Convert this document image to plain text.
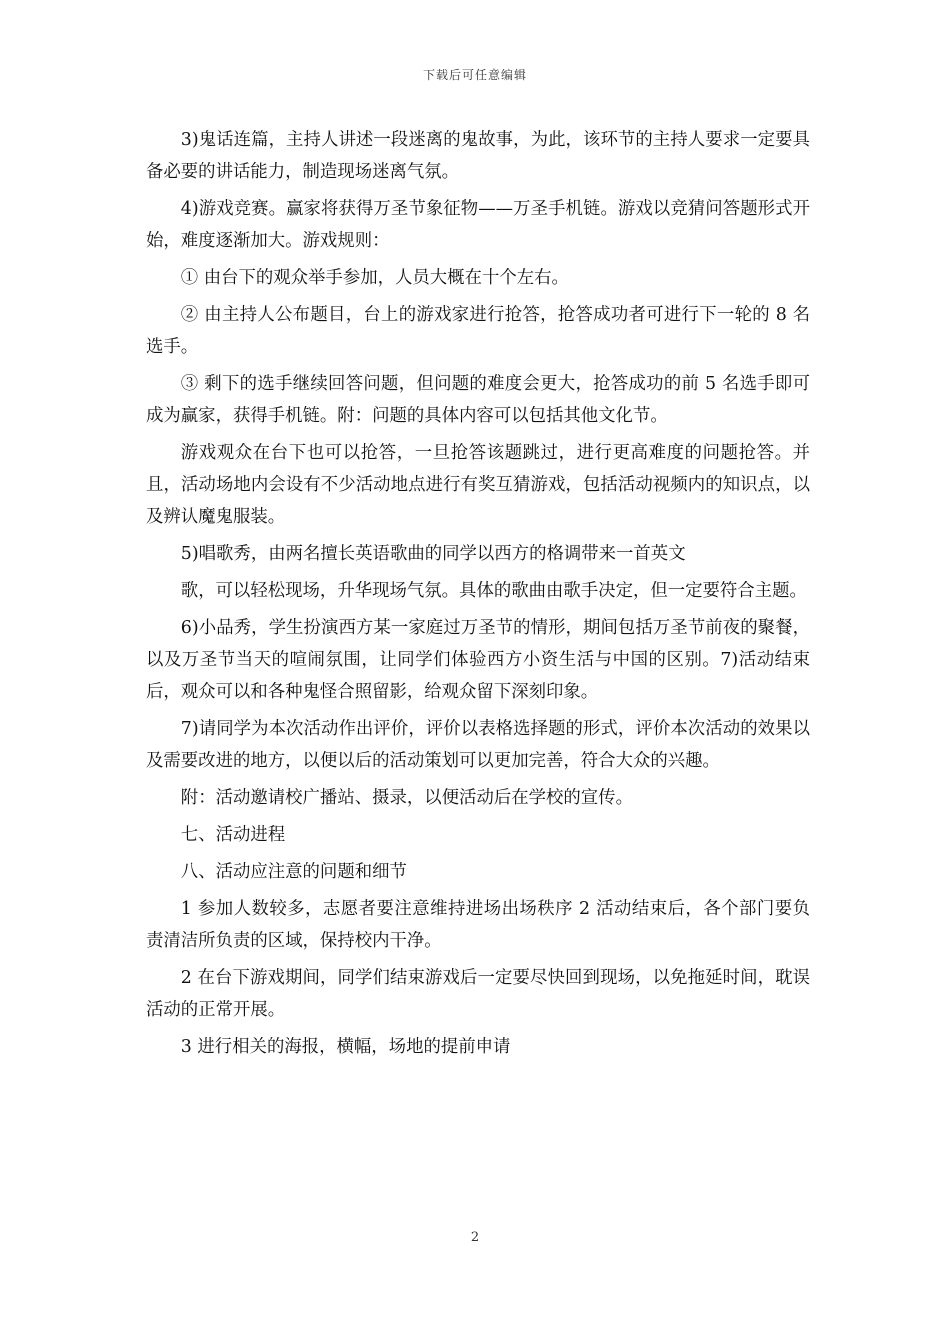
下载后可任意编辑

3)鬼话连篇，主持人讲述一段迷离的鬼故事，为此，该环节的主持人要求一定要具备必要的讲话能力，制造现场迷离气氛。

4)游戏竞赛。赢家将获得万圣节象征物——万圣手机链。游戏以竞猜问答题形式开始，难度逐渐加大。游戏规则：

① 由台下的观众举手参加，人员大概在十个左右。

② 由主持人公布题目，台上的游戏家进行抢答，抢答成功者可进行下一轮的 8 名选手。

③ 剩下的选手继续回答问题，但问题的难度会更大，抢答成功的前 5 名选手即可成为赢家，获得手机链。附：问题的具体内容可以包括其他文化节。

游戏观众在台下也可以抢答，一旦抢答该题跳过，进行更高难度的问题抢答。并且，活动场地内会设有不少活动地点进行有奖互猜游戏，包括活动视频内的知识点，以及辨认魔鬼服装。

5)唱歌秀，由两名擅长英语歌曲的同学以西方的格调带来一首英文

歌，可以轻松现场，升华现场气氛。具体的歌曲由歌手决定，但一定要符合主题。

6)小品秀，学生扮演西方某一家庭过万圣节的情形，期间包括万圣节前夜的聚餐，以及万圣节当天的喧闹氛围，让同学们体验西方小资生活与中国的区别。7)活动结束后，观众可以和各种鬼怪合照留影，给观众留下深刻印象。

7)请同学为本次活动作出评价，评价以表格选择题的形式，评价本次活动的效果以及需要改进的地方，以便以后的活动策划可以更加完善，符合大众的兴趣。

附：活动邀请校广播站、摄录，以便活动后在学校的宣传。

七、活动进程

八、活动应注意的问题和细节

1 参加人数较多，志愿者要注意维持进场出场秩序 2 活动结束后，各个部门要负责清洁所负责的区域，保持校内干净。

2 在台下游戏期间，同学们结束游戏后一定要尽快回到现场，以免拖延时间，耽误活动的正常开展。

3 进行相关的海报，横幅，场地的提前申请

2
